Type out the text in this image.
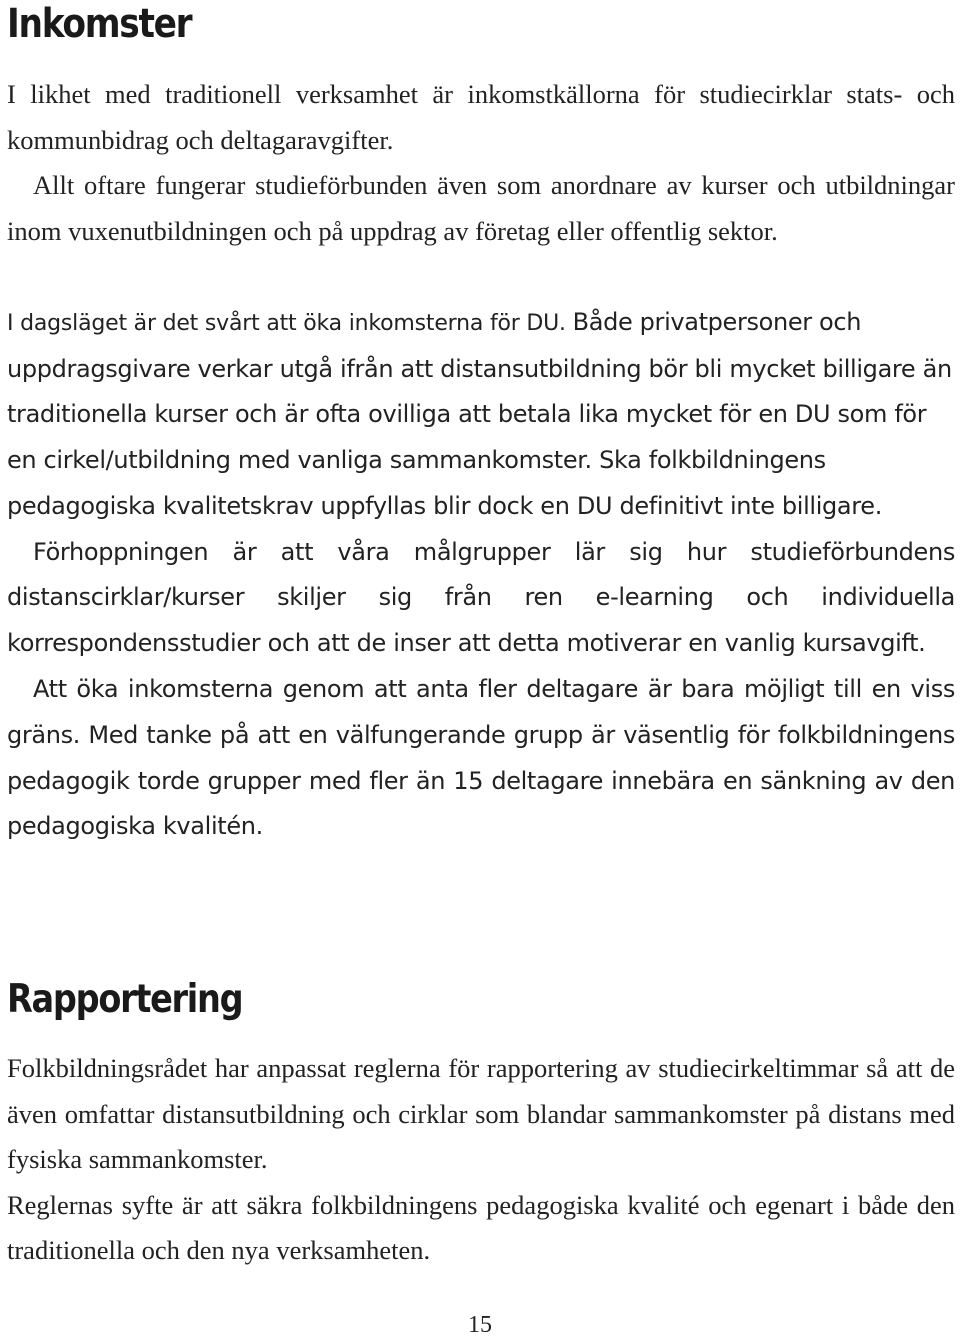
Inkomster

I likhet med traditionell verksamhet är inkomstkällorna för studiecirklar stats- och kommunbidrag och deltagaravgifter.

Allt oftare fungerar studieförbunden även som anordnare av kurser och utbildningar inom vuxenutbildningen och på uppdrag av företag eller offentlig sektor.

I dagsläget är det svårt att öka inkomsterna för DU.

Både privatpersoner och uppdragsgivare verkar utgå ifrån att distansutbildning bör bli mycket billigare än traditionella kurser och är ofta ovilliga att betala lika mycket för en DU som för en cirkel/utbildning med vanliga sammankomster. Ska folkbildningens pedagogiska kvalitetskrav uppfyllas blir dock en DU definitivt inte billigare.

Förhoppningen är att våra målgrupper lär sig hur studieförbundens distanscirklar/kurser skiljer sig från ren e-learning och individuella korrespondensstudier och att de inser att detta motiverar en vanlig kursavgift.

Att öka inkomsterna genom att anta fler deltagare är bara möjligt till en viss gräns. Med tanke på att en välfungerande grupp är väsentlig för folkbildningens pedagogik torde grupper med fler än 15 deltagare innebära en sänkning av den pedagogiska kvalitén.

Rapportering

Folkbildningsrådet har anpassat reglerna för rapportering av studiecirkeltimmar så att de även omfattar distansutbildning och cirklar som blandar sammankomster på distans med fysiska sammankomster.

Reglernas syfte är att säkra folkbildningens pedagogiska kvalité och egenart i både den traditionella och den nya verksamheten.

15
